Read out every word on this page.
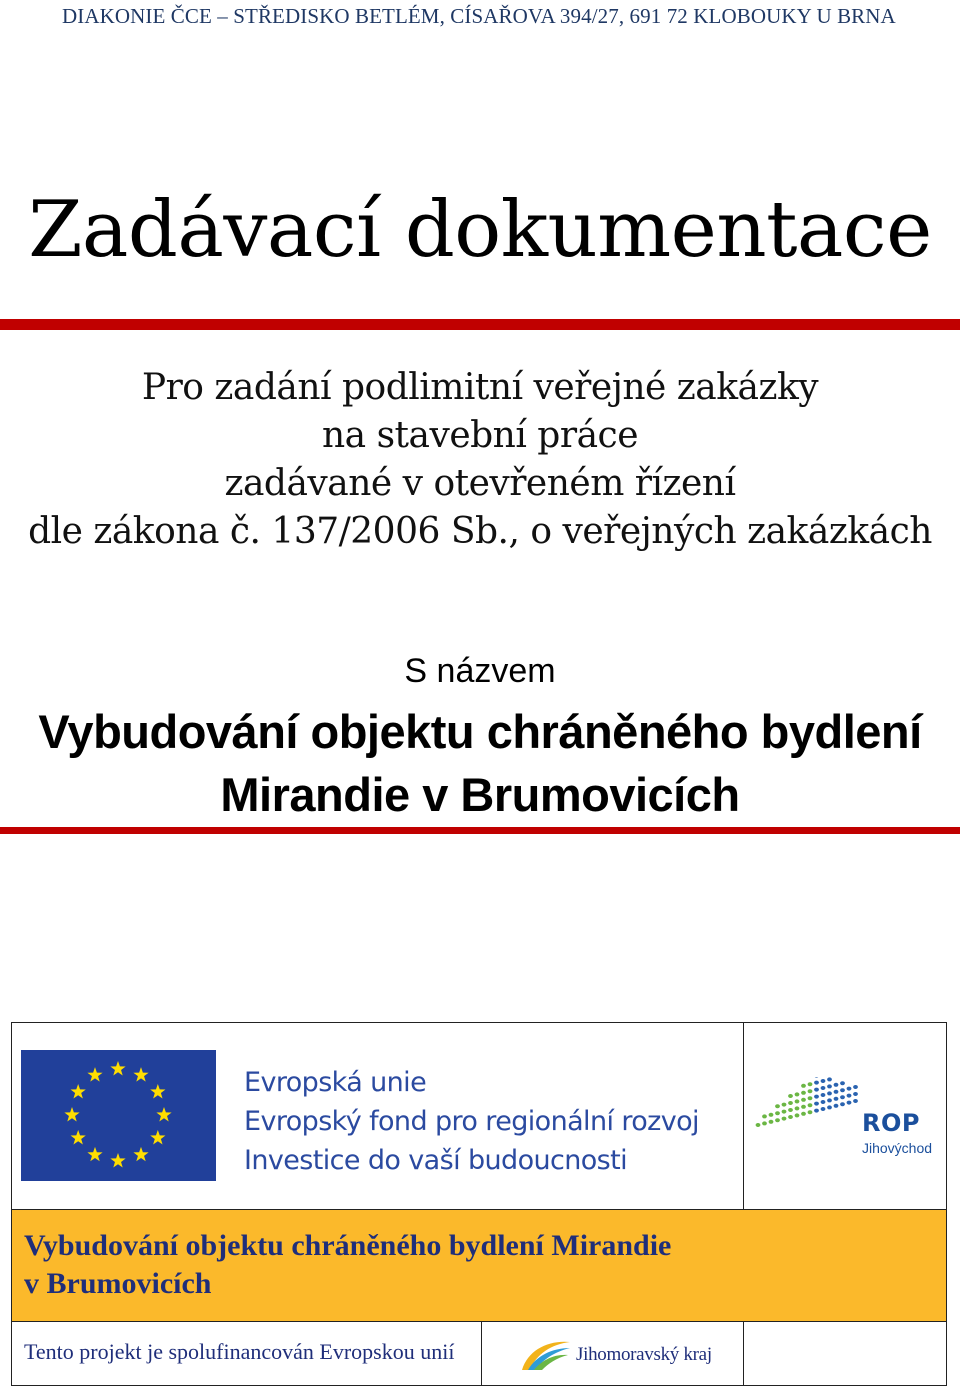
DIAKONIE ČCE – STŘEDISKO BETLÉM, CÍSAŘOVA 394/27, 691 72 KLOBOUKY U BRNA
Zadávací dokumentace
Pro zadání podlimitní veřejné zakázky
na stavební práce
zadávané v otevřeném řízení
dle zákona č. 137/2006 Sb., o veřejných zakázkách
S názvem
Vybudování objektu chráněného bydlení
Mirandie v Brumovicích
Evropská unie
Evropský fond pro regionální rozvoj
Investice do vaší budoucnosti
ROP
Jihovýchod
Vybudování objektu chráněného bydlení Mirandie
v Brumovicích
Tento projekt je spolufinancován Evropskou unií	Jihomoravský kraj
